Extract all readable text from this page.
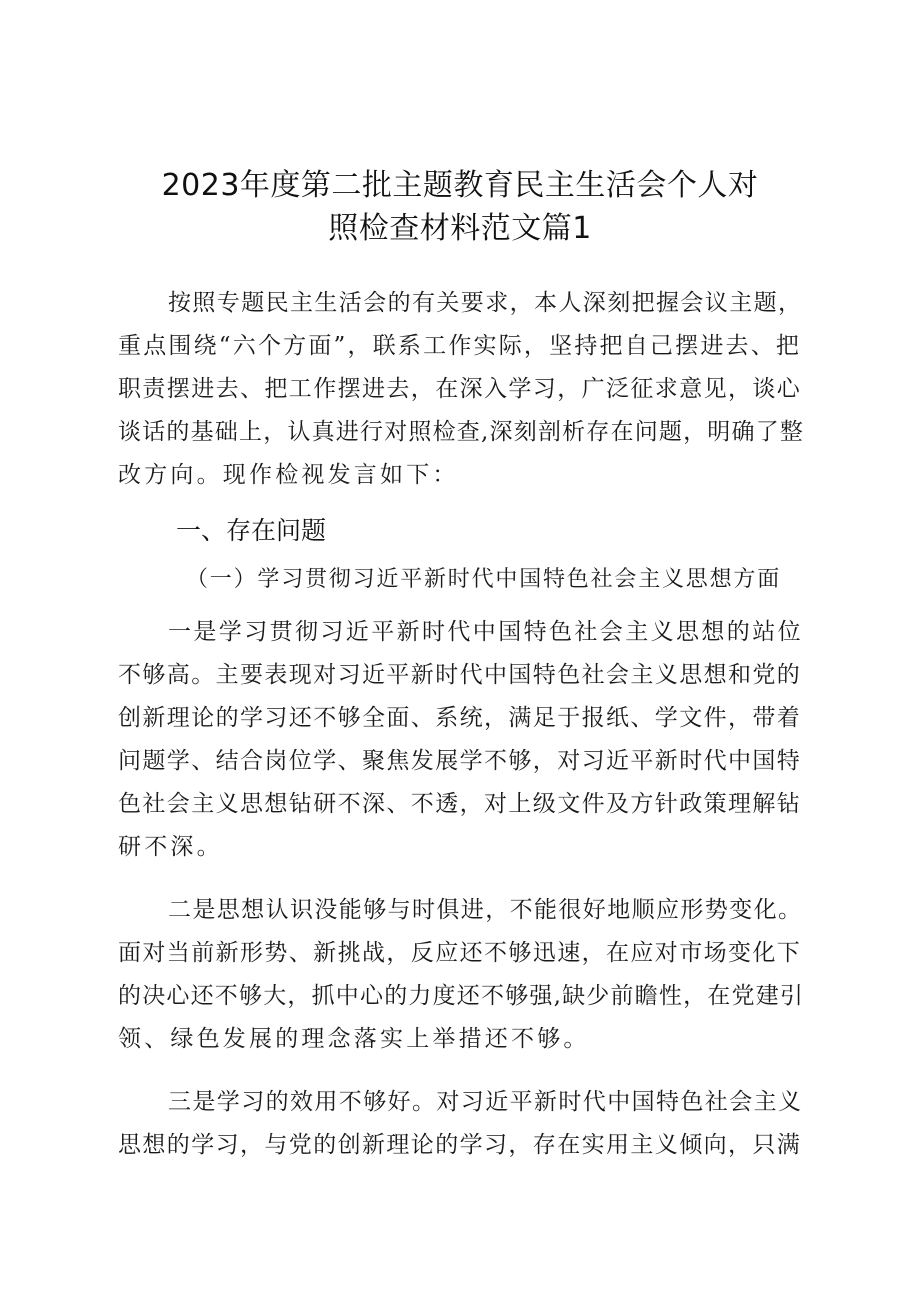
2023年度第二批主题教育民主生活会个人对
照检查材料范文篇1
按照专题民主生活会的有关要求，本人深刻把握会议主题，
重点围绕“六个方面”，联系工作实际，坚持把自己摆进去、把
职责摆进去、把工作摆进去，在深入学习，广泛征求意见，谈心
谈话的基础上，认真进行对照检查,深刻剖析存在问题，明确了整
改方向。现作检视发言如下：
一、存在问题
（一）学习贯彻习近平新时代中国特色社会主义思想方面
一是学习贯彻习近平新时代中国特色社会主义思想的站位
不够高。主要表现对习近平新时代中国特色社会主义思想和党的
创新理论的学习还不够全面、系统，满足于报纸、学文件，带着
问题学、结合岗位学、聚焦发展学不够，对习近平新时代中国特
色社会主义思想钻研不深、不透，对上级文件及方针政策理解钻
研不深。
二是思想认识没能够与时俱进，不能很好地顺应形势变化。
面对当前新形势、新挑战，反应还不够迅速，在应对市场变化下
的决心还不够大，抓中心的力度还不够强,缺少前瞻性，在党建引
领、绿色发展的理念落实上举措还不够。
三是学习的效用不够好。对习近平新时代中国特色社会主义
思想的学习，与党的创新理论的学习，存在实用主义倾向，只满
